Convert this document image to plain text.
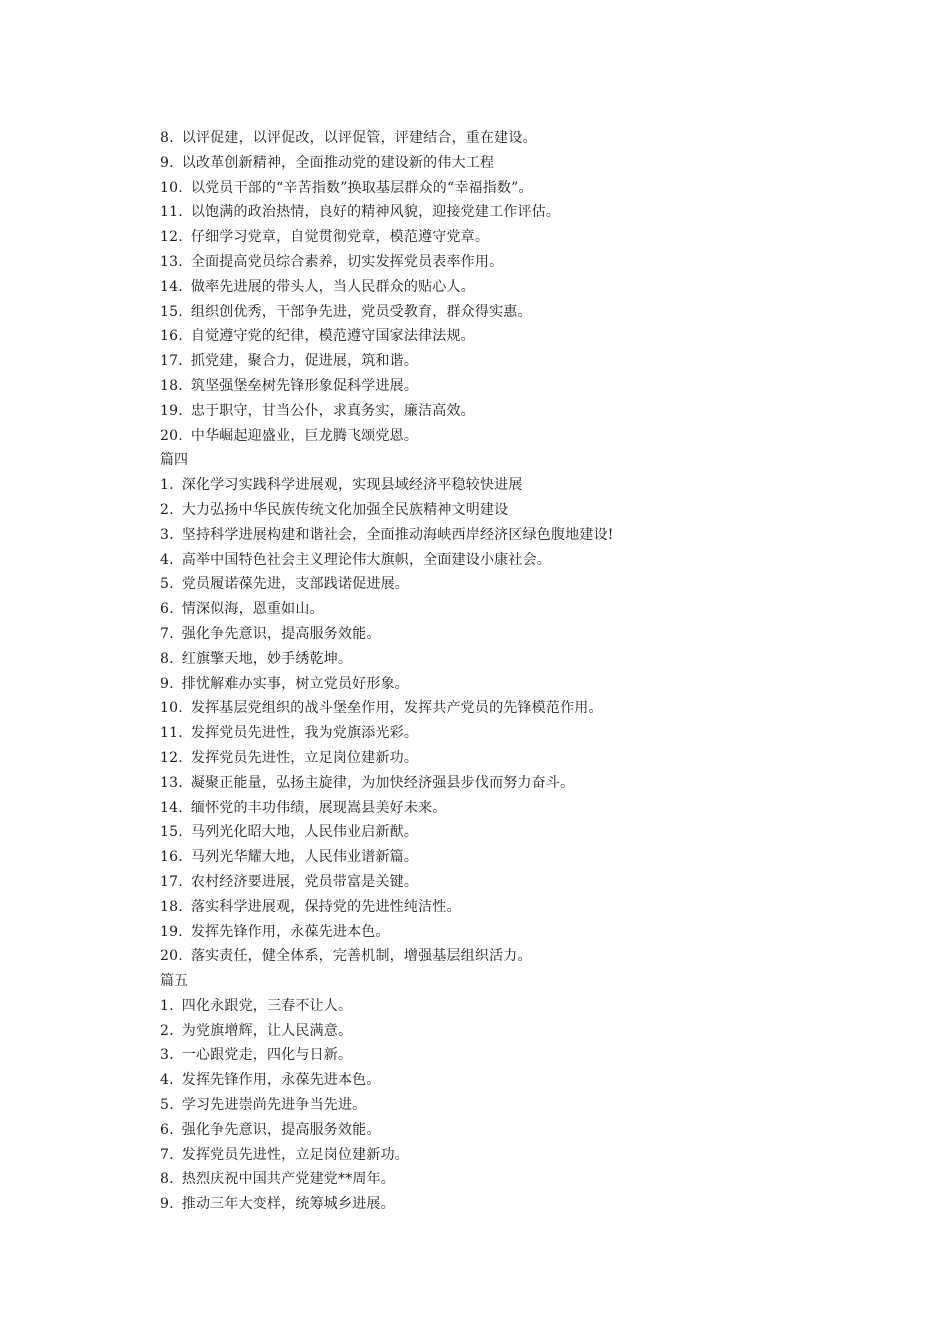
8. 以评促建，以评促改，以评促管，评建结合，重在建设。
9. 以改革创新精神，全面推动党的建设新的伟大工程
10. 以党员干部的“辛苦指数”换取基层群众的“幸福指数”。
11. 以饱满的政治热情，良好的精神风貌，迎接党建工作评估。
12. 仔细学习党章，自觉贯彻党章，模范遵守党章。
13. 全面提高党员综合素养，切实发挥党员表率作用。
14. 做率先进展的带头人，当人民群众的贴心人。
15. 组织创优秀，干部争先进，党员受教育，群众得实惠。
16. 自觉遵守党的纪律，模范遵守国家法律法规。
17. 抓党建，聚合力，促进展，筑和谐。
18. 筑坚强堡垒树先锋形象促科学进展。
19. 忠于职守，甘当公仆，求真务实，廉洁高效。
20. 中华崛起迎盛业，巨龙腾飞颂党恩。
篇四
1. 深化学习实践科学进展观，实现县域经济平稳较快进展
2. 大力弘扬中华民族传统文化加强全民族精神文明建设
3. 坚持科学进展构建和谐社会，全面推动海峡西岸经济区绿色腹地建设!
4. 高举中国特色社会主义理论伟大旗帜，全面建设小康社会。
5. 党员履诺葆先进，支部践诺促进展。
6. 情深似海，恩重如山。
7. 强化争先意识，提高服务效能。
8. 红旗擎天地，妙手绣乾坤。
9. 排忧解难办实事，树立党员好形象。
10. 发挥基层党组织的战斗堡垒作用，发挥共产党员的先锋模范作用。
11. 发挥党员先进性，我为党旗添光彩。
12. 发挥党员先进性，立足岗位建新功。
13. 凝聚正能量，弘扬主旋律，为加快经济强县步伐而努力奋斗。
14. 缅怀党的丰功伟绩，展现嵩县美好未来。
15. 马列光化昭大地，人民伟业启新猷。
16. 马列光华耀大地，人民伟业谱新篇。
17. 农村经济要进展，党员带富是关键。
18. 落实科学进展观，保持党的先进性纯洁性。
19. 发挥先锋作用，永葆先进本色。
20. 落实责任，健全体系，完善机制，增强基层组织活力。
篇五
1. 四化永跟党，三春不让人。
2. 为党旗增辉，让人民满意。
3. 一心跟党走，四化与日新。
4. 发挥先锋作用，永葆先进本色。
5. 学习先进崇尚先进争当先进。
6. 强化争先意识，提高服务效能。
7. 发挥党员先进性，立足岗位建新功。
8. 热烈庆祝中国共产党建党**周年。
9. 推动三年大变样，统筹城乡进展。
